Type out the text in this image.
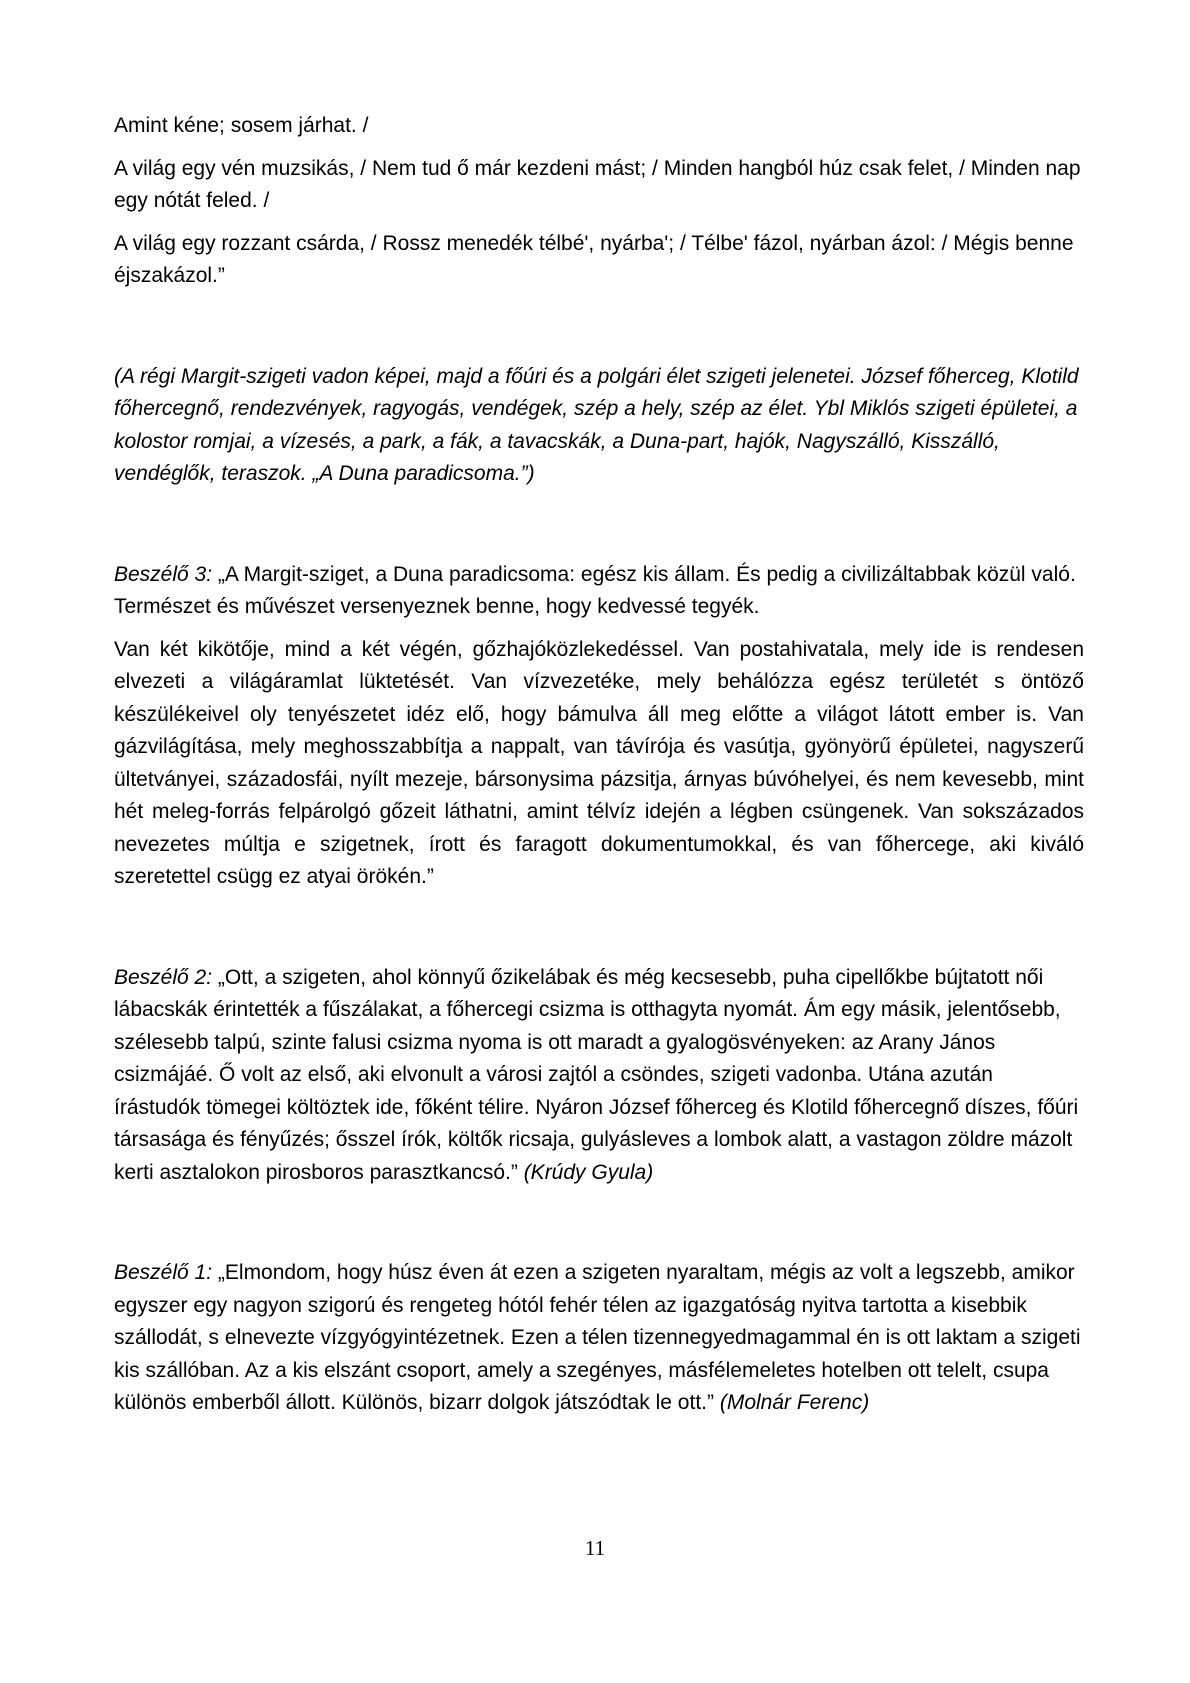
Amint kéne; sosem járhat. /

A világ egy vén muzsikás, / Nem tud ő már kezdeni mást; / Minden hangból húz csak felet, / Minden nap egy nótát feled. /

A világ egy rozzant csárda, / Rossz menedék télbé', nyárba'; / Télbe' fázol, nyárban ázol: / Mégis benne éjszakázol.”

(A régi Margit-szigeti vadon képei, majd a főúri és a polgári élet szigeti jelenetei. József főherceg, Klotild főhercegnő, rendezvények, ragyogás, vendégek, szép a hely, szép az élet. Ybl Miklós szigeti épületei, a kolostor romjai, a vízesés, a park, a fák, a tavacskák, a Duna-part, hajók, Nagyszálló, Kisszálló, vendéglők, teraszok. „A Duna paradicsoma.”)

Beszélő 3: „A Margit-sziget, a Duna paradicsoma: egész kis állam. És pedig a civilizáltabbak közül való. Természet és művészet versenyeznek benne, hogy kedvessé tegyék.

Van két kikötője, mind a két végén, gőzhajóközlekedéssel. Van postahivatala, mely ide is rendesen elvezeti a világáramlat lüktetését. Van vízvezetéke, mely behálózza egész területét s öntöző készülékeivel oly tenyészetet idéz elő, hogy bámulva áll meg előtte a világot látott ember is. Van gázvilágítása, mely meghosszabbítja a nappalt, van távírója és vasútja, gyönyörű épületei, nagyszerű ültetványei, századosfái, nyílt mezeje, bársonysima pázsitja, árnyas búvóhelyei, és nem kevesebb, mint hét meleg-forrás felpárolgó gőzeit láthatni, amint télvíz idején a légben csüngenek. Van sokszázados nevezetes múltja e szigetnek, írott és faragott dokumentumokkal, és van főhercege, aki kiváló szeretettel csügg ez atyai örökén.”

Beszélő 2: „Ott, a szigeten, ahol könnyű őzikelábak és még kecsesebb, puha cipellőkbe bújtatott női lábacskák érintették a fűszálakat, a főhercegi csizma is otthagyta nyomát. Ám egy másik, jelentősebb, szélesebb talpú, szinte falusi csizma nyoma is ott maradt a gyalogösvényeken: az Arany János csizmájáé. Ő volt az első, aki elvonult a városi zajtól a csöndes, szigeti vadonba. Utána azután írástudók tömegei költöztek ide, főként télire. Nyáron József főherceg és Klotild főhercegnő díszes, főúri társasága és fényűzés; ősszel írók, költők ricsaja, gulyásleves a lombok alatt, a vastagon zöldre mázolt kerti asztalokon pirosboros parasztkancsó.” (Krúdy Gyula)

Beszélő 1: „Elmondom, hogy húsz éven át ezen a szigeten nyaraltam, mégis az volt a legszebb, amikor egyszer egy nagyon szigorú és rengeteg hótól fehér télen az igazgatóság nyitva tartotta a kisebbik szállodát, s elnevezte vízgyógyintézetnek. Ezen a télen tizennegyedmagammal én is ott laktam a szigeti kis szállóban. Az a kis elszánt csoport, amely a szegényes, másfélemeletes hotelben ott telelt, csupa különös emberből állott. Különös, bizarr dolgok játszódtak le ott.” (Molnár Ferenc)

11
